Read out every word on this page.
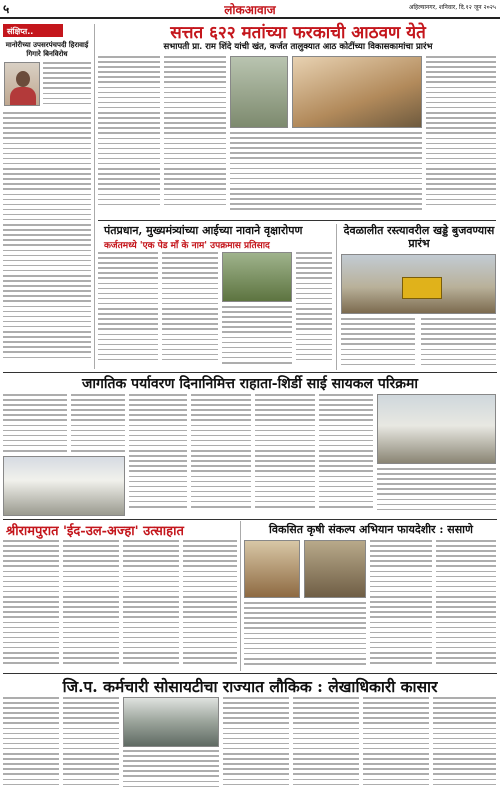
५	लोकआवाज	अहिल्यानगर, शनिवार, दि.१२ जून २०२५
संक्षिप्त..
मानोरीच्या उपसरपंचपदी हिरावाई गिगारे बिनविरोध
सत्तत ६२२ मतांच्या फरकाची आठवण येते
सभापती प्रा. राम शिंदे यांची खंत, कर्जत तालुक्यात आठ कोटींच्या विकासकामांचा प्रारंभ
पंतप्रधान, मुख्यमंत्र्यांच्या आईच्या नावाने वृक्षारोपण
कर्जतमध्ये 'एक पेड माँ के नाम' उपक्रमास प्रतिसाद
देवळालीत रस्त्यावरील खड्डे बुजवण्यास प्रारंभ
जागतिक पर्यावरण दिनानिमित्त राहाता-शिर्डी साई सायकल परिक्रमा
श्रीरामपुरात 'ईद-उल-अज्हा' उत्साहात	विकसित कृषी संकल्प अभियान फायदेशीर : ससाणे
जि.प. कर्मचारी सोसायटीचा राज्यात लौकिक : लेखाधिकारी कासार
